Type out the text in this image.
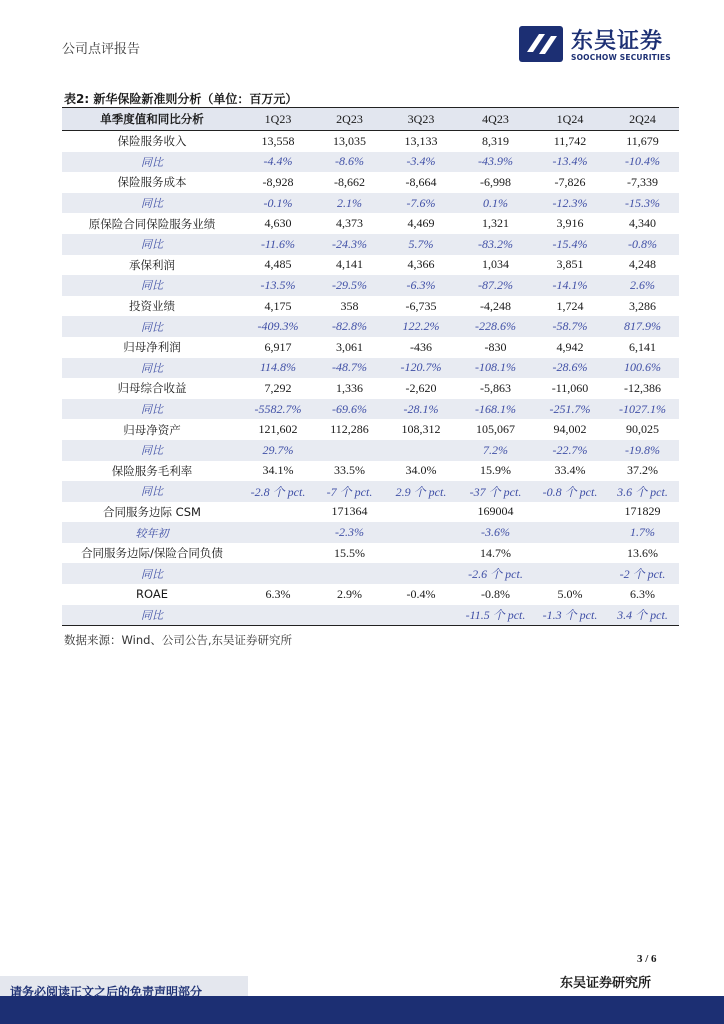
公司点评报告	东吴证券
SOOCHOW SECURITIES
表2: 新华保险新准则分析（单位：百万元）
单季度值和同比分析	1Q23	2Q23	3Q23	4Q23	1Q24	2Q24
保险服务收入	13,558	13,035	13,133	8,319	11,742	11,679
同比	-4.4%	-8.6%	-3.4%	-43.9%	-13.4%	-10.4%
保险服务成本	-8,928	-8,662	-8,664	-6,998	-7,826	-7,339
同比	-0.1%	2.1%	-7.6%	0.1%	-12.3%	-15.3%
原保险合同保险服务业绩	4,630	4,373	4,469	1,321	3,916	4,340
同比	-11.6%	-24.3%	5.7%	-83.2%	-15.4%	-0.8%
承保利润	4,485	4,141	4,366	1,034	3,851	4,248
同比	-13.5%	-29.5%	-6.3%	-87.2%	-14.1%	2.6%
投资业绩	4,175	358	-6,735	-4,248	1,724	3,286
同比	-409.3%	-82.8%	122.2%	-228.6%	-58.7%	817.9%
归母净利润	6,917	3,061	-436	-830	4,942	6,141
同比	114.8%	-48.7%	-120.7%	-108.1%	-28.6%	100.6%
归母综合收益	7,292	1,336	-2,620	-5,863	-11,060	-12,386
同比	-5582.7%	-69.6%	-28.1%	-168.1%	-251.7%	-1027.1%
归母净资产	121,602	112,286	108,312	105,067	94,002	90,025
同比	29.7%			7.2%	-22.7%	-19.8%
保险服务毛利率	34.1%	33.5%	34.0%	15.9%	33.4%	37.2%
同比	-2.8 个 pct.	-7 个 pct.	2.9 个 pct.	-37 个 pct.	-0.8 个 pct.	3.6 个 pct.
合同服务边际 CSM		171364		169004		171829
较年初		-2.3%		-3.6%		1.7%
合同服务边际/保险合同负债		15.5%		14.7%		13.6%
同比				-2.6 个 pct.		-2 个 pct.
ROAE	6.3%	2.9%	-0.4%	-0.8%	5.0%	6.3%
同比				-11.5 个 pct.	-1.3 个 pct.	3.4 个 pct.
数据来源：Wind、公司公告,东吴证券研究所
3 / 6
东吴证券研究所
请务必阅读正文之后的免责声明部分
